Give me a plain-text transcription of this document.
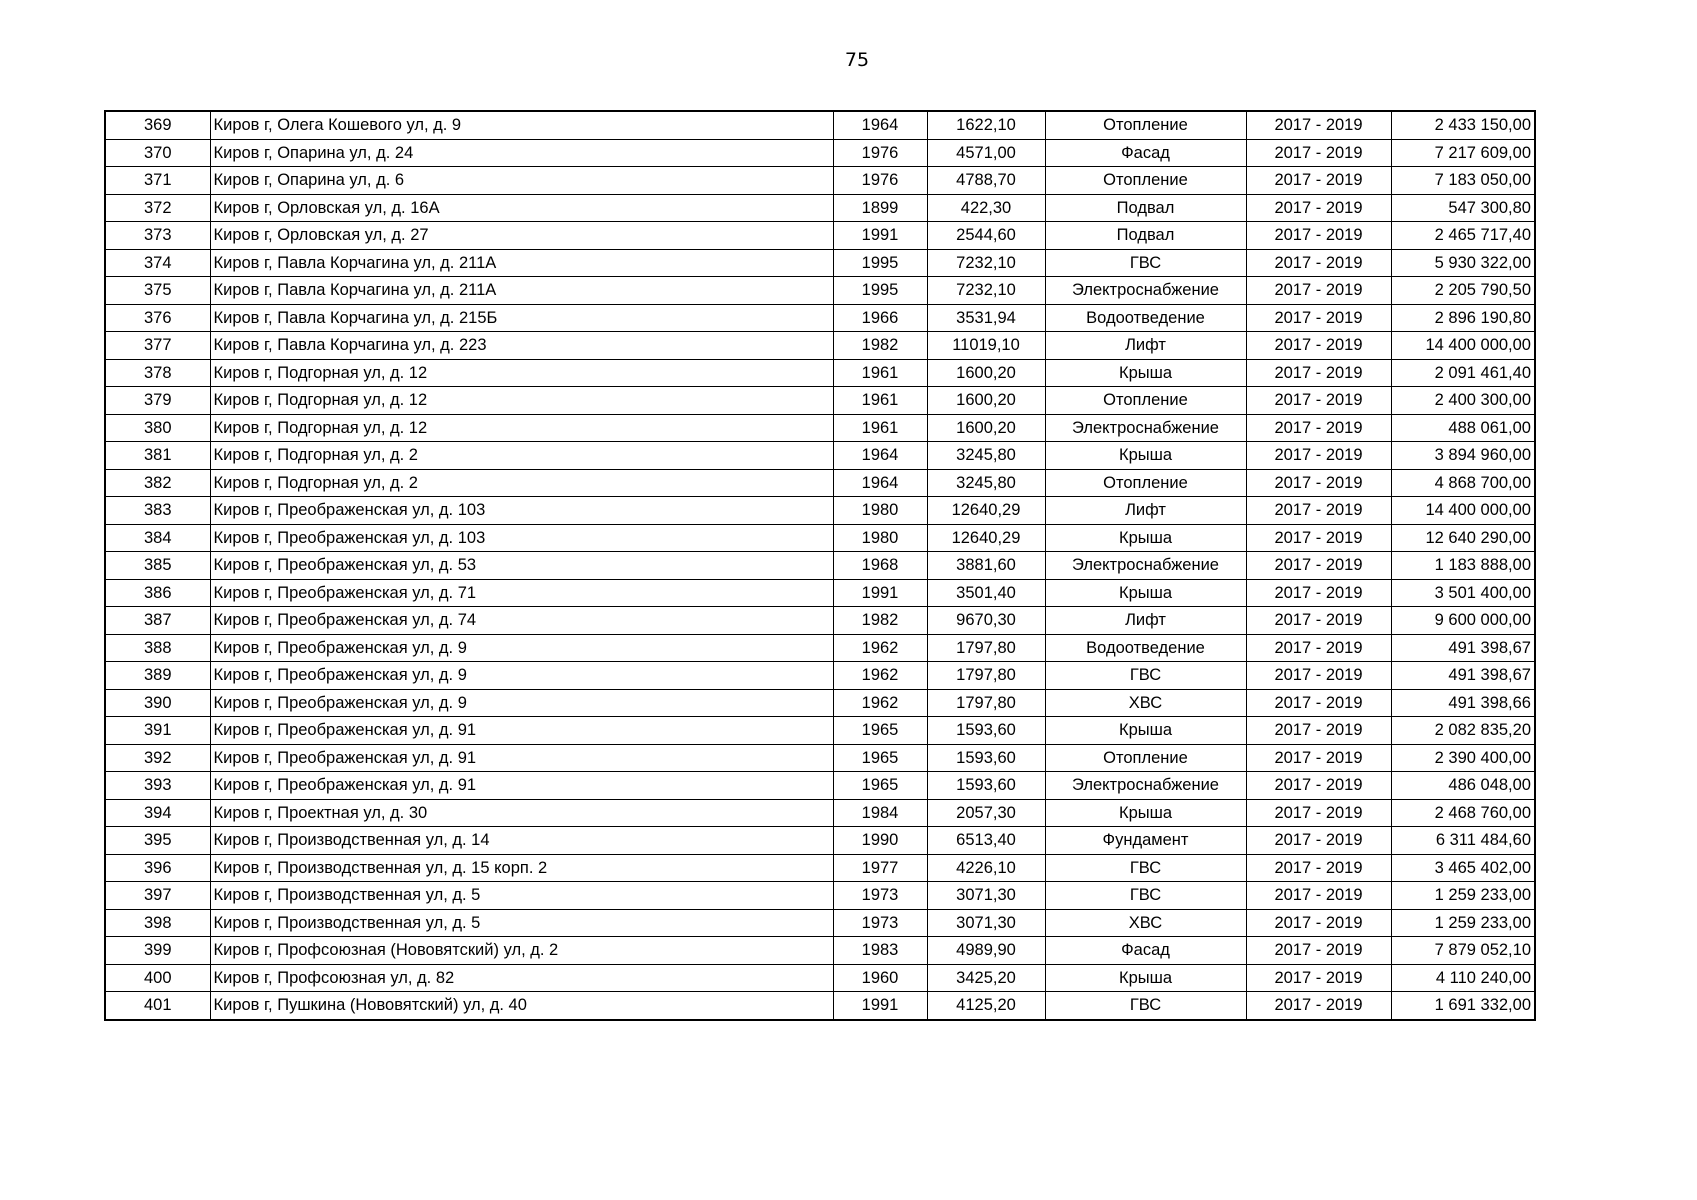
75
369	Киров г, Олега Кошевого ул, д. 9	1964	1622,10	Отопление	2017 - 2019	2 433 150,00
370	Киров г, Опарина ул, д. 24	1976	4571,00	Фасад	2017 - 2019	7 217 609,00
371	Киров г, Опарина ул, д. 6	1976	4788,70	Отопление	2017 - 2019	7 183 050,00
372	Киров г, Орловская ул, д. 16А	1899	422,30	Подвал	2017 - 2019	547 300,80
373	Киров г, Орловская ул, д. 27	1991	2544,60	Подвал	2017 - 2019	2 465 717,40
374	Киров г, Павла Корчагина ул, д. 211А	1995	7232,10	ГВС	2017 - 2019	5 930 322,00
375	Киров г, Павла Корчагина ул, д. 211А	1995	7232,10	Электроснабжение	2017 - 2019	2 205 790,50
376	Киров г, Павла Корчагина ул, д. 215Б	1966	3531,94	Водоотведение	2017 - 2019	2 896 190,80
377	Киров г, Павла Корчагина ул, д. 223	1982	11019,10	Лифт	2017 - 2019	14 400 000,00
378	Киров г, Подгорная ул, д. 12	1961	1600,20	Крыша	2017 - 2019	2 091 461,40
379	Киров г, Подгорная ул, д. 12	1961	1600,20	Отопление	2017 - 2019	2 400 300,00
380	Киров г, Подгорная ул, д. 12	1961	1600,20	Электроснабжение	2017 - 2019	488 061,00
381	Киров г, Подгорная ул, д. 2	1964	3245,80	Крыша	2017 - 2019	3 894 960,00
382	Киров г, Подгорная ул, д. 2	1964	3245,80	Отопление	2017 - 2019	4 868 700,00
383	Киров г, Преображенская ул, д. 103	1980	12640,29	Лифт	2017 - 2019	14 400 000,00
384	Киров г, Преображенская ул, д. 103	1980	12640,29	Крыша	2017 - 2019	12 640 290,00
385	Киров г, Преображенская ул, д. 53	1968	3881,60	Электроснабжение	2017 - 2019	1 183 888,00
386	Киров г, Преображенская ул, д. 71	1991	3501,40	Крыша	2017 - 2019	3 501 400,00
387	Киров г, Преображенская ул, д. 74	1982	9670,30	Лифт	2017 - 2019	9 600 000,00
388	Киров г, Преображенская ул, д. 9	1962	1797,80	Водоотведение	2017 - 2019	491 398,67
389	Киров г, Преображенская ул, д. 9	1962	1797,80	ГВС	2017 - 2019	491 398,67
390	Киров г, Преображенская ул, д. 9	1962	1797,80	ХВС	2017 - 2019	491 398,66
391	Киров г, Преображенская ул, д. 91	1965	1593,60	Крыша	2017 - 2019	2 082 835,20
392	Киров г, Преображенская ул, д. 91	1965	1593,60	Отопление	2017 - 2019	2 390 400,00
393	Киров г, Преображенская ул, д. 91	1965	1593,60	Электроснабжение	2017 - 2019	486 048,00
394	Киров г, Проектная ул, д. 30	1984	2057,30	Крыша	2017 - 2019	2 468 760,00
395	Киров г, Производственная ул, д. 14	1990	6513,40	Фундамент	2017 - 2019	6 311 484,60
396	Киров г, Производственная ул, д. 15 корп. 2	1977	4226,10	ГВС	2017 - 2019	3 465 402,00
397	Киров г, Производственная ул, д. 5	1973	3071,30	ГВС	2017 - 2019	1 259 233,00
398	Киров г, Производственная ул, д. 5	1973	3071,30	ХВС	2017 - 2019	1 259 233,00
399	Киров г, Профсоюзная (Нововятский) ул, д. 2	1983	4989,90	Фасад	2017 - 2019	7 879 052,10
400	Киров г, Профсоюзная ул, д. 82	1960	3425,20	Крыша	2017 - 2019	4 110 240,00
401	Киров г, Пушкина (Нововятский) ул, д. 40	1991	4125,20	ГВС	2017 - 2019	1 691 332,00
